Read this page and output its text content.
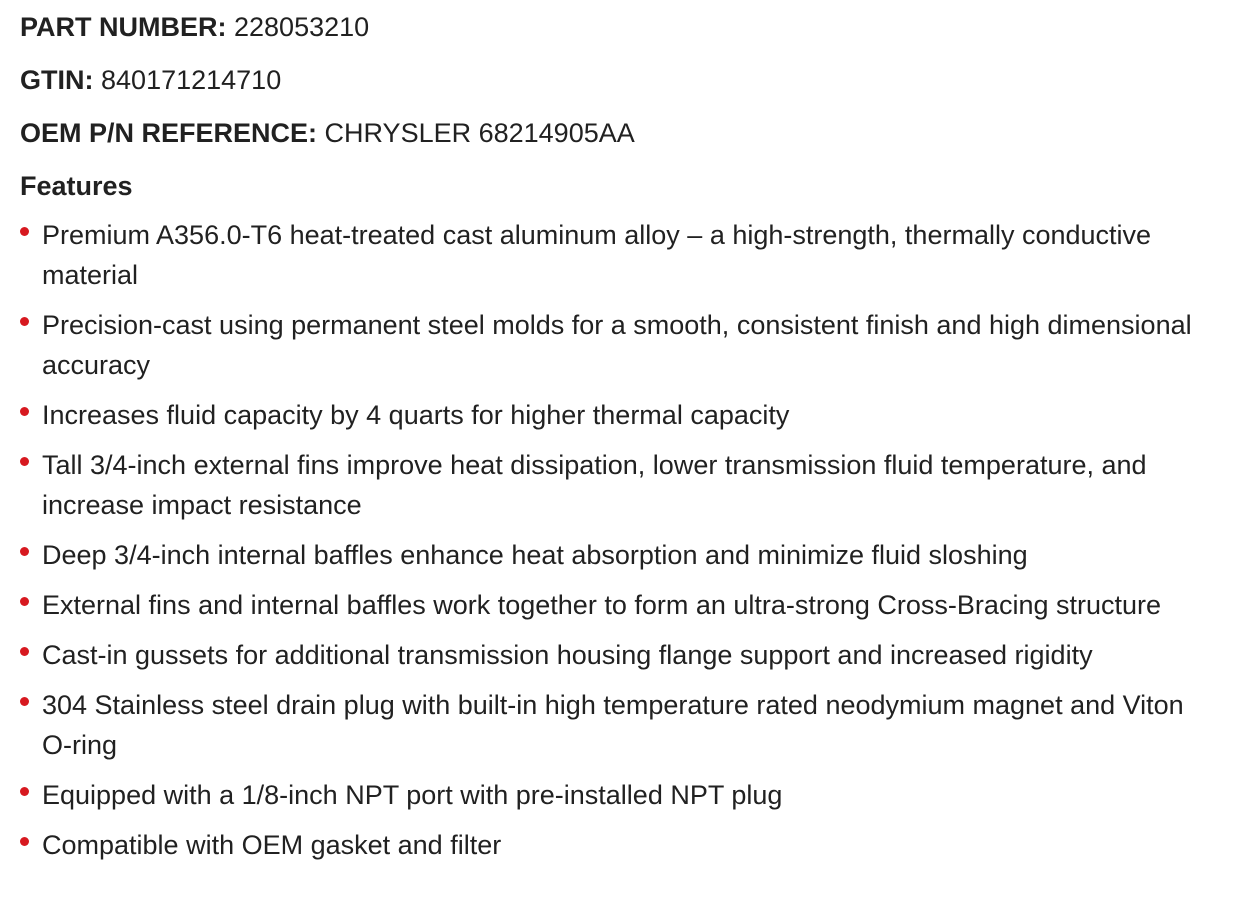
PART NUMBER: 228053210
GTIN: 840171214710
OEM P/N REFERENCE: CHRYSLER 68214905AA
Features
Premium A356.0-T6 heat-treated cast aluminum alloy – a high-strength, thermally conductive material
Precision-cast using permanent steel molds for a smooth, consistent finish and high dimensional accuracy
Increases fluid capacity by 4 quarts for higher thermal capacity
Tall 3/4-inch external fins improve heat dissipation, lower transmission fluid temperature, and increase impact resistance
Deep 3/4-inch internal baffles enhance heat absorption and minimize fluid sloshing
External fins and internal baffles work together to form an ultra-strong Cross-Bracing structure
Cast-in gussets for additional transmission housing flange support and increased rigidity
304 Stainless steel drain plug with built-in high temperature rated neodymium magnet and Viton O-ring
Equipped with a 1/8-inch NPT port with pre-installed NPT plug
Compatible with OEM gasket and filter
